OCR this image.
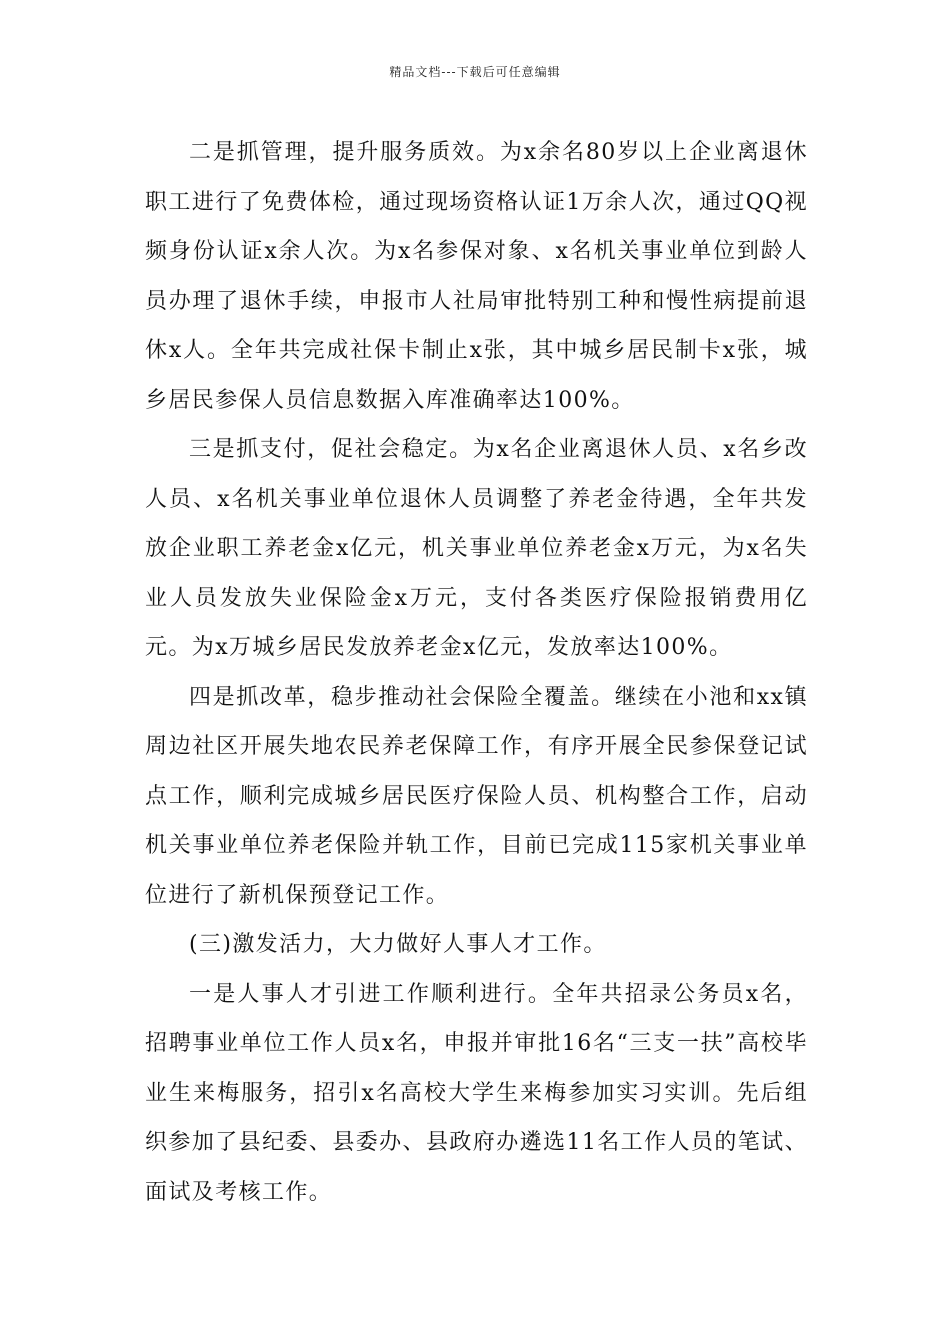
精品文档---下载后可任意编辑

二是抓管理，提升服务质效。为x余名80岁以上企业离退休职工进行了免费体检，通过现场资格认证1万余人次，通过QQ视频身份认证x余人次。为x名参保对象、x名机关事业单位到龄人员办理了退休手续，申报市人社局审批特别工种和慢性病提前退休x人。全年共完成社保卡制止x张，其中城乡居民制卡x张，城乡居民参保人员信息数据入库准确率达100%。

三是抓支付，促社会稳定。为x名企业离退休人员、x名乡改人员、x名机关事业单位退休人员调整了养老金待遇，全年共发放企业职工养老金x亿元，机关事业单位养老金x万元，为x名失业人员发放失业保险金x万元，支付各类医疗保险报销费用亿元。为x万城乡居民发放养老金x亿元，发放率达100%。

四是抓改革，稳步推动社会保险全覆盖。继续在小池和xx镇周边社区开展失地农民养老保障工作，有序开展全民参保登记试点工作，顺利完成城乡居民医疗保险人员、机构整合工作，启动机关事业单位养老保险并轨工作，目前已完成115家机关事业单位进行了新机保预登记工作。

(三)激发活力，大力做好人事人才工作。

一是人事人才引进工作顺利进行。全年共招录公务员x名，招聘事业单位工作人员x名，申报并审批16名“三支一扶”高校毕业生来梅服务，招引x名高校大学生来梅参加实习实训。先后组织参加了县纪委、县委办、县政府办遴选11名工作人员的笔试、面试及考核工作。
